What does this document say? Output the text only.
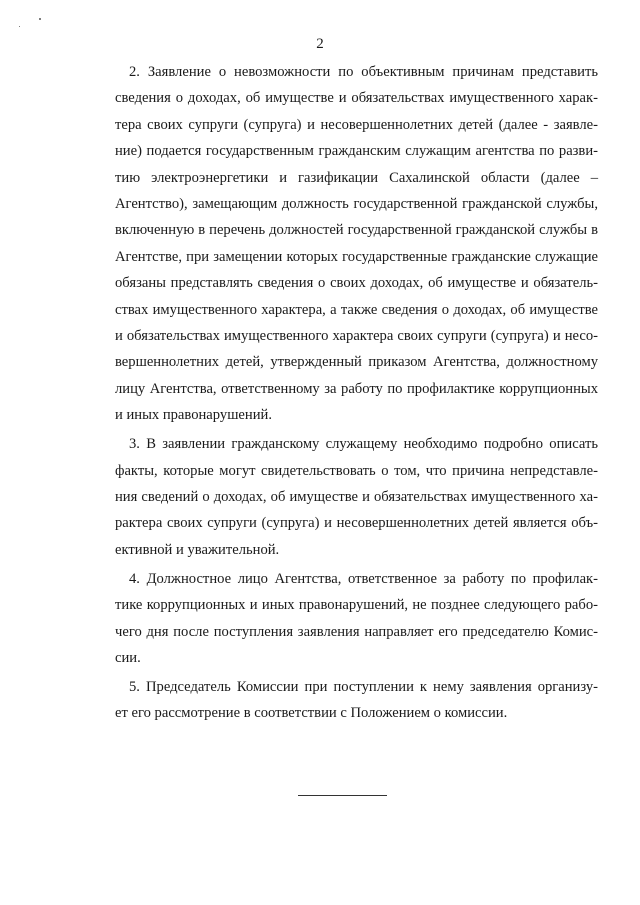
2

2. Заявление о невозможности по объективным причинам представить
сведения о доходах, об имуществе и обязательствах имущественного харак-
тера своих супруги (супруга) и несовершеннолетних детей (далее - заявле-
ние) подается государственным гражданским служащим агентства по разви-
тию электроэнергетики и газификации Сахалинской области (далее –
Агентство), замещающим должность государственной гражданской службы,
включенную в перечень должностей государственной гражданской службы в
Агентстве, при замещении которых государственные гражданские служащие
обязаны представлять сведения о своих доходах, об имуществе и обязатель-
ствах имущественного характера, а также сведения о доходах, об имуществе
и обязательствах имущественного характера своих супруги (супруга) и несо-
вершеннолетних детей, утвержденный приказом Агентства, должностному
лицу Агентства, ответственному за работу по профилактике коррупционных
и иных правонарушений.

3. В заявлении гражданскому служащему необходимо подробно описать
факты, которые могут свидетельствовать о том, что причина непредставле-
ния сведений о доходах, об имуществе и обязательствах имущественного ха-
рактера своих супруги (супруга) и несовершеннолетних детей является объ-
ективной и уважительной.

4. Должностное лицо Агентства, ответственное за работу по профилак-
тике коррупционных и иных правонарушений, не позднее следующего рабо-
чего дня после поступления заявления направляет его председателю Комис-
сии.

5. Председатель Комиссии при поступлении к нему заявления организу-
ет его рассмотрение в соответствии с Положением о комиссии.
